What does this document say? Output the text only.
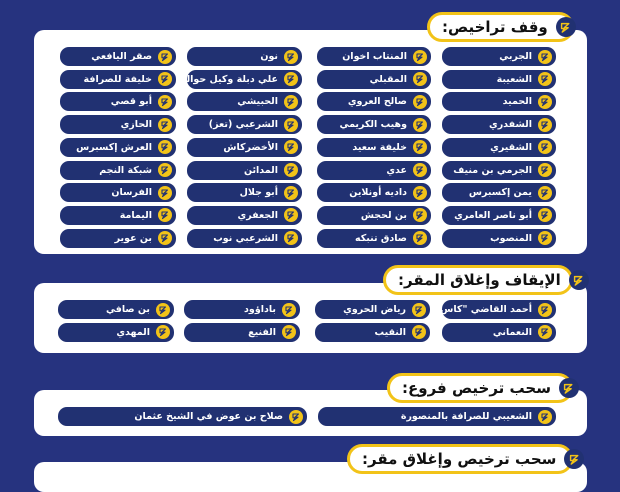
وقف تراخيص:
الجربي
الشعيبة
الحميد
الشفدري
الشقيري
الجرمي بن منيف
يمن إكسبرس
أبو ناصر العامري
المنصوب
المنتاب اخوان
المقبلي
صالح العروي
وهيب الكريمي
خليفة سعيد
عدي
داديه أونلاين
بن لحجش
صادق تنبكه
نون
علي دبلة وكيل حوالة
الحبيشي
الشرعبي (تعز)
الأخضركاش
المدائن
أبو جلال
الجعفري
الشرعبي نوب
صقر اليافعي
خليفة للصرافة
أبو قصي
الحازي
العرش إكسبرس
شبكة النجم
الفرسان
اليمامة
بن عوير
الإيقاف وإغلاق المقر:
أحمد القاضي "كاس"
النعماني
رياض الحروي
النقيب
باداؤود
الفنيع
بن صافي
المهدي
سحب ترخيص فروع:
الشعيبي للصرافة بالمنصورة
صلاح بن عوض في الشيخ عثمان
سحب ترخيص وإغلاق مقر:
